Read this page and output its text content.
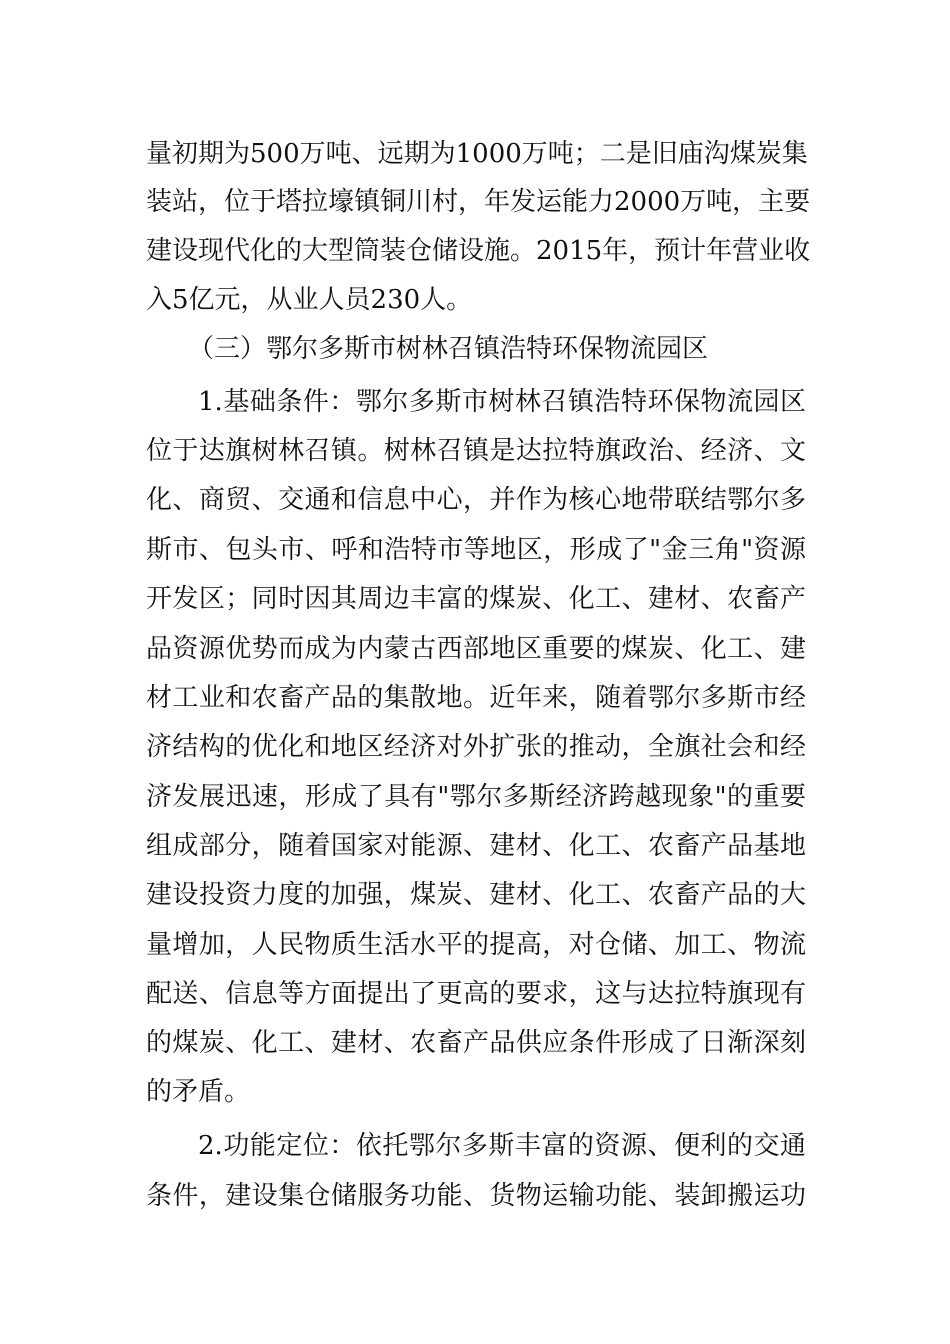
量初期为500万吨、远期为1000万吨；二是旧庙沟煤炭集
装站，位于塔拉壕镇铜川村，年发运能力2000万吨，主要
建设现代化的大型筒装仓储设施。2015年，预计年营业收
入5亿元，从业人员230人。
（三）鄂尔多斯市树林召镇浩特环保物流园区
1.基础条件：鄂尔多斯市树林召镇浩特环保物流园区
位于达旗树林召镇。树林召镇是达拉特旗政治、经济、文
化、商贸、交通和信息中心，并作为核心地带联结鄂尔多
斯市、包头市、呼和浩特市等地区，形成了"金三角"资源
开发区；同时因其周边丰富的煤炭、化工、建材、农畜产
品资源优势而成为内蒙古西部地区重要的煤炭、化工、建
材工业和农畜产品的集散地。近年来，随着鄂尔多斯市经
济结构的优化和地区经济对外扩张的推动，全旗社会和经
济发展迅速，形成了具有"鄂尔多斯经济跨越现象"的重要
组成部分，随着国家对能源、建材、化工、农畜产品基地
建设投资力度的加强，煤炭、建材、化工、农畜产品的大
量增加，人民物质生活水平的提高，对仓储、加工、物流
配送、信息等方面提出了更高的要求，这与达拉特旗现有
的煤炭、化工、建材、农畜产品供应条件形成了日渐深刻
的矛盾。
2.功能定位：依托鄂尔多斯丰富的资源、便利的交通
条件，建设集仓储服务功能、货物运输功能、装卸搬运功
